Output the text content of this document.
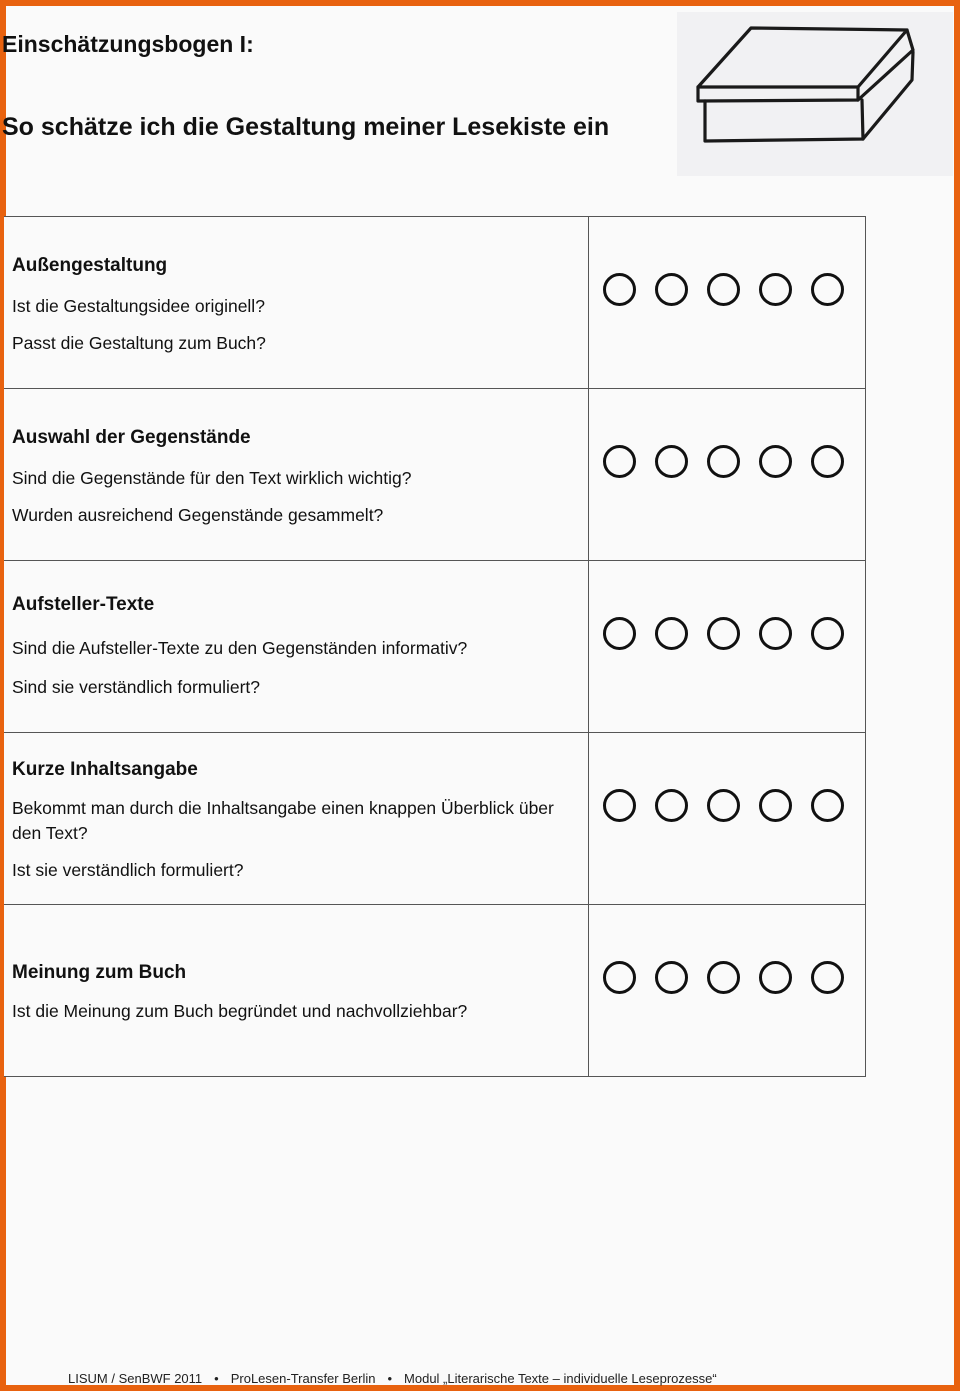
Einschätzungsbogen I:
So schätze ich die Gestaltung meiner Lesekiste ein
Außengestaltung
Ist die Gestaltungsidee originell?
Passt die Gestaltung zum Buch?	

Auswahl der Gegenstände
Sind die Gegenstände für den Text wirklich wichtig?
Wurden ausreichend Gegenstände gesammelt?	

Aufsteller-Texte
Sind die Aufsteller-Texte zu den Gegenständen informativ?
Sind sie verständlich formuliert?	

Kurze Inhaltsangabe
Bekommt man durch die Inhaltsangabe einen knappen Überblick über den Text?
Ist sie verständlich formuliert?	

Meinung zum Buch
Ist die Meinung zum Buch begründet und nachvollziehbar?	

LISUM / SenBWF 2011 • ProLesen-Transfer Berlin • Modul „Literarische Texte – individuelle Leseprozesse“
